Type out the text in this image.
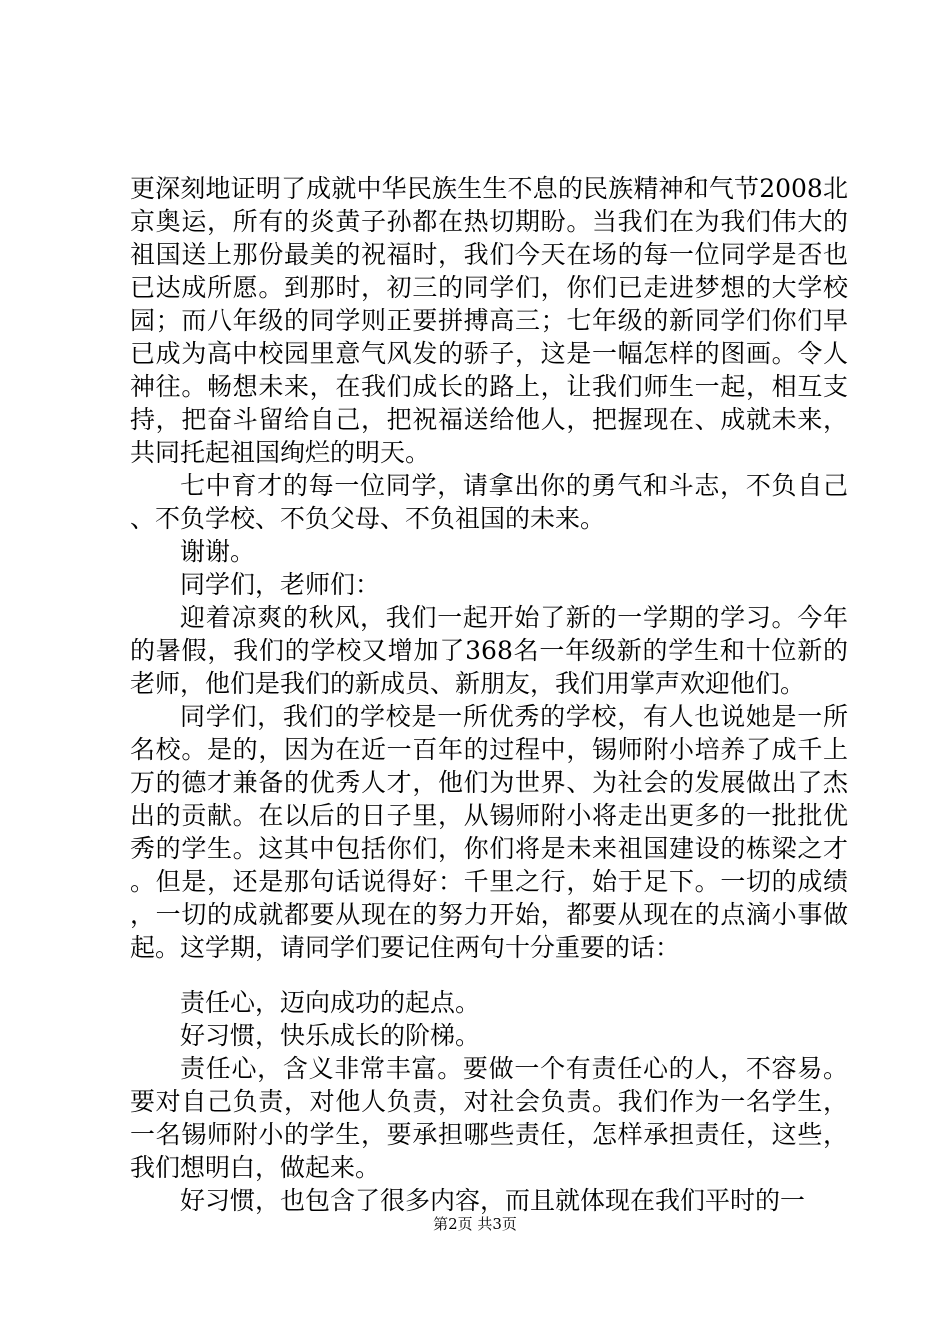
更深刻地证明了成就中华民族生生不息的民族精神和气节2008北京奥运，所有的炎黄子孙都在热切期盼。当我们在为我们伟大的祖国送上那份最美的祝福时，我们今天在场的每一位同学是否也已达成所愿。到那时，初三的同学们，你们已走进梦想的大学校园；而八年级的同学则正要拼搏高三；七年级的新同学们你们早已成为高中校园里意气风发的骄子，这是一幅怎样的图画。令人神往。畅想未来，在我们成长的路上，让我们师生一起，相互支持，把奋斗留给自己，把祝福送给他人，把握现在、成就未来，共同托起祖国绚烂的明天。

七中育才的每一位同学，请拿出你的勇气和斗志，不负自己、不负学校、不负父母、不负祖国的未来。

谢谢。

同学们，老师们：

迎着凉爽的秋风，我们一起开始了新的一学期的学习。今年的暑假，我们的学校又增加了368名一年级新的学生和十位新的老师，他们是我们的新成员、新朋友，我们用掌声欢迎他们。

同学们，我们的学校是一所优秀的学校，有人也说她是一所名校。是的，因为在近一百年的过程中，锡师附小培养了成千上万的德才兼备的优秀人才，他们为世界、为社会的发展做出了杰出的贡献。在以后的日子里，从锡师附小将走出更多的一批批优秀的学生。这其中包括你们，你们将是未来祖国建设的栋梁之才。但是，还是那句话说得好：千里之行，始于足下。一切的成绩，一切的成就都要从现在的努力开始，都要从现在的点滴小事做起。这学期，请同学们要记住两句十分重要的话：

责任心，迈向成功的起点。

好习惯，快乐成长的阶梯。

责任心，含义非常丰富。要做一个有责任心的人，不容易。要对自己负责，对他人负责，对社会负责。我们作为一名学生，一名锡师附小的学生，要承担哪些责任，怎样承担责任，这些，我们想明白，做起来。

好习惯，也包含了很多内容，而且就体现在我们平时的一

第2页 共3页
